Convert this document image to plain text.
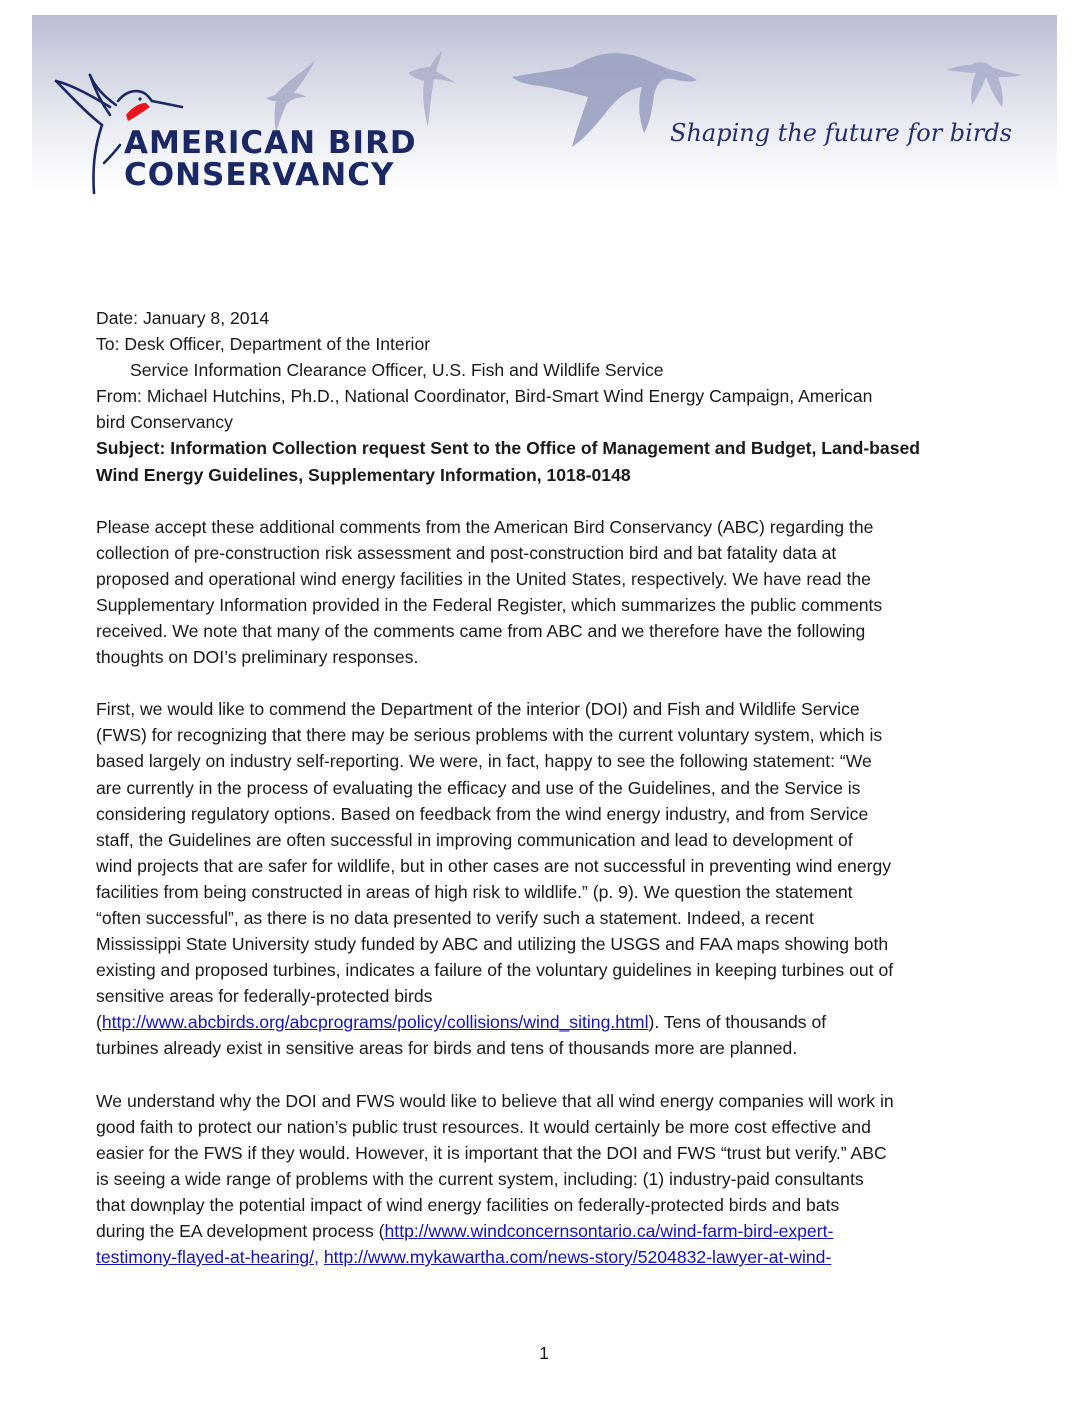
AMERICAN BIRD
CONSERVANCY
Shaping the future for birds
Date: January 8, 2014
To: Desk Officer, Department of the Interior
Service Information Clearance Officer, U.S. Fish and Wildlife Service
From: Michael Hutchins, Ph.D., National Coordinator, Bird-Smart Wind Energy Campaign, American
bird Conservancy
Subject: Information Collection request Sent to the Office of Management and Budget, Land-based
Wind Energy Guidelines, Supplementary Information, 1018-0148

Please accept these additional comments from the American Bird Conservancy (ABC) regarding the
collection of pre-construction risk assessment and post-construction bird and bat fatality data at
proposed and operational wind energy facilities in the United States, respectively. We have read the
Supplementary Information provided in the Federal Register, which summarizes the public comments
received. We note that many of the comments came from ABC and we therefore have the following
thoughts on DOI’s preliminary responses.

First, we would like to commend the Department of the interior (DOI) and Fish and Wildlife Service
(FWS) for recognizing that there may be serious problems with the current voluntary system, which is
based largely on industry self-reporting. We were, in fact, happy to see the following statement: “We
are currently in the process of evaluating the efficacy and use of the Guidelines, and the Service is
considering regulatory options. Based on feedback from the wind energy industry, and from Service
staff, the Guidelines are often successful in improving communication and lead to development of
wind projects that are safer for wildlife, but in other cases are not successful in preventing wind energy
facilities from being constructed in areas of high risk to wildlife.” (p. 9). We question the statement
“often successful”, as there is no data presented to verify such a statement. Indeed, a recent
Mississippi State University study funded by ABC and utilizing the USGS and FAA maps showing both
existing and proposed turbines, indicates a failure of the voluntary guidelines in keeping turbines out of
sensitive areas for federally-protected birds
(http://www.abcbirds.org/abcprograms/policy/collisions/wind_siting.html). Tens of thousands of
turbines already exist in sensitive areas for birds and tens of thousands more are planned.

We understand why the DOI and FWS would like to believe that all wind energy companies will work in
good faith to protect our nation’s public trust resources. It would certainly be more cost effective and
easier for the FWS if they would. However, it is important that the DOI and FWS “trust but verify.” ABC
is seeing a wide range of problems with the current system, including: (1) industry-paid consultants
that downplay the potential impact of wind energy facilities on federally-protected birds and bats
during the EA development process (http://www.windconcernsontario.ca/wind-farm-bird-expert-
testimony-flayed-at-hearing/, http://www.mykawartha.com/news-story/5204832-lawyer-at-wind-

1
